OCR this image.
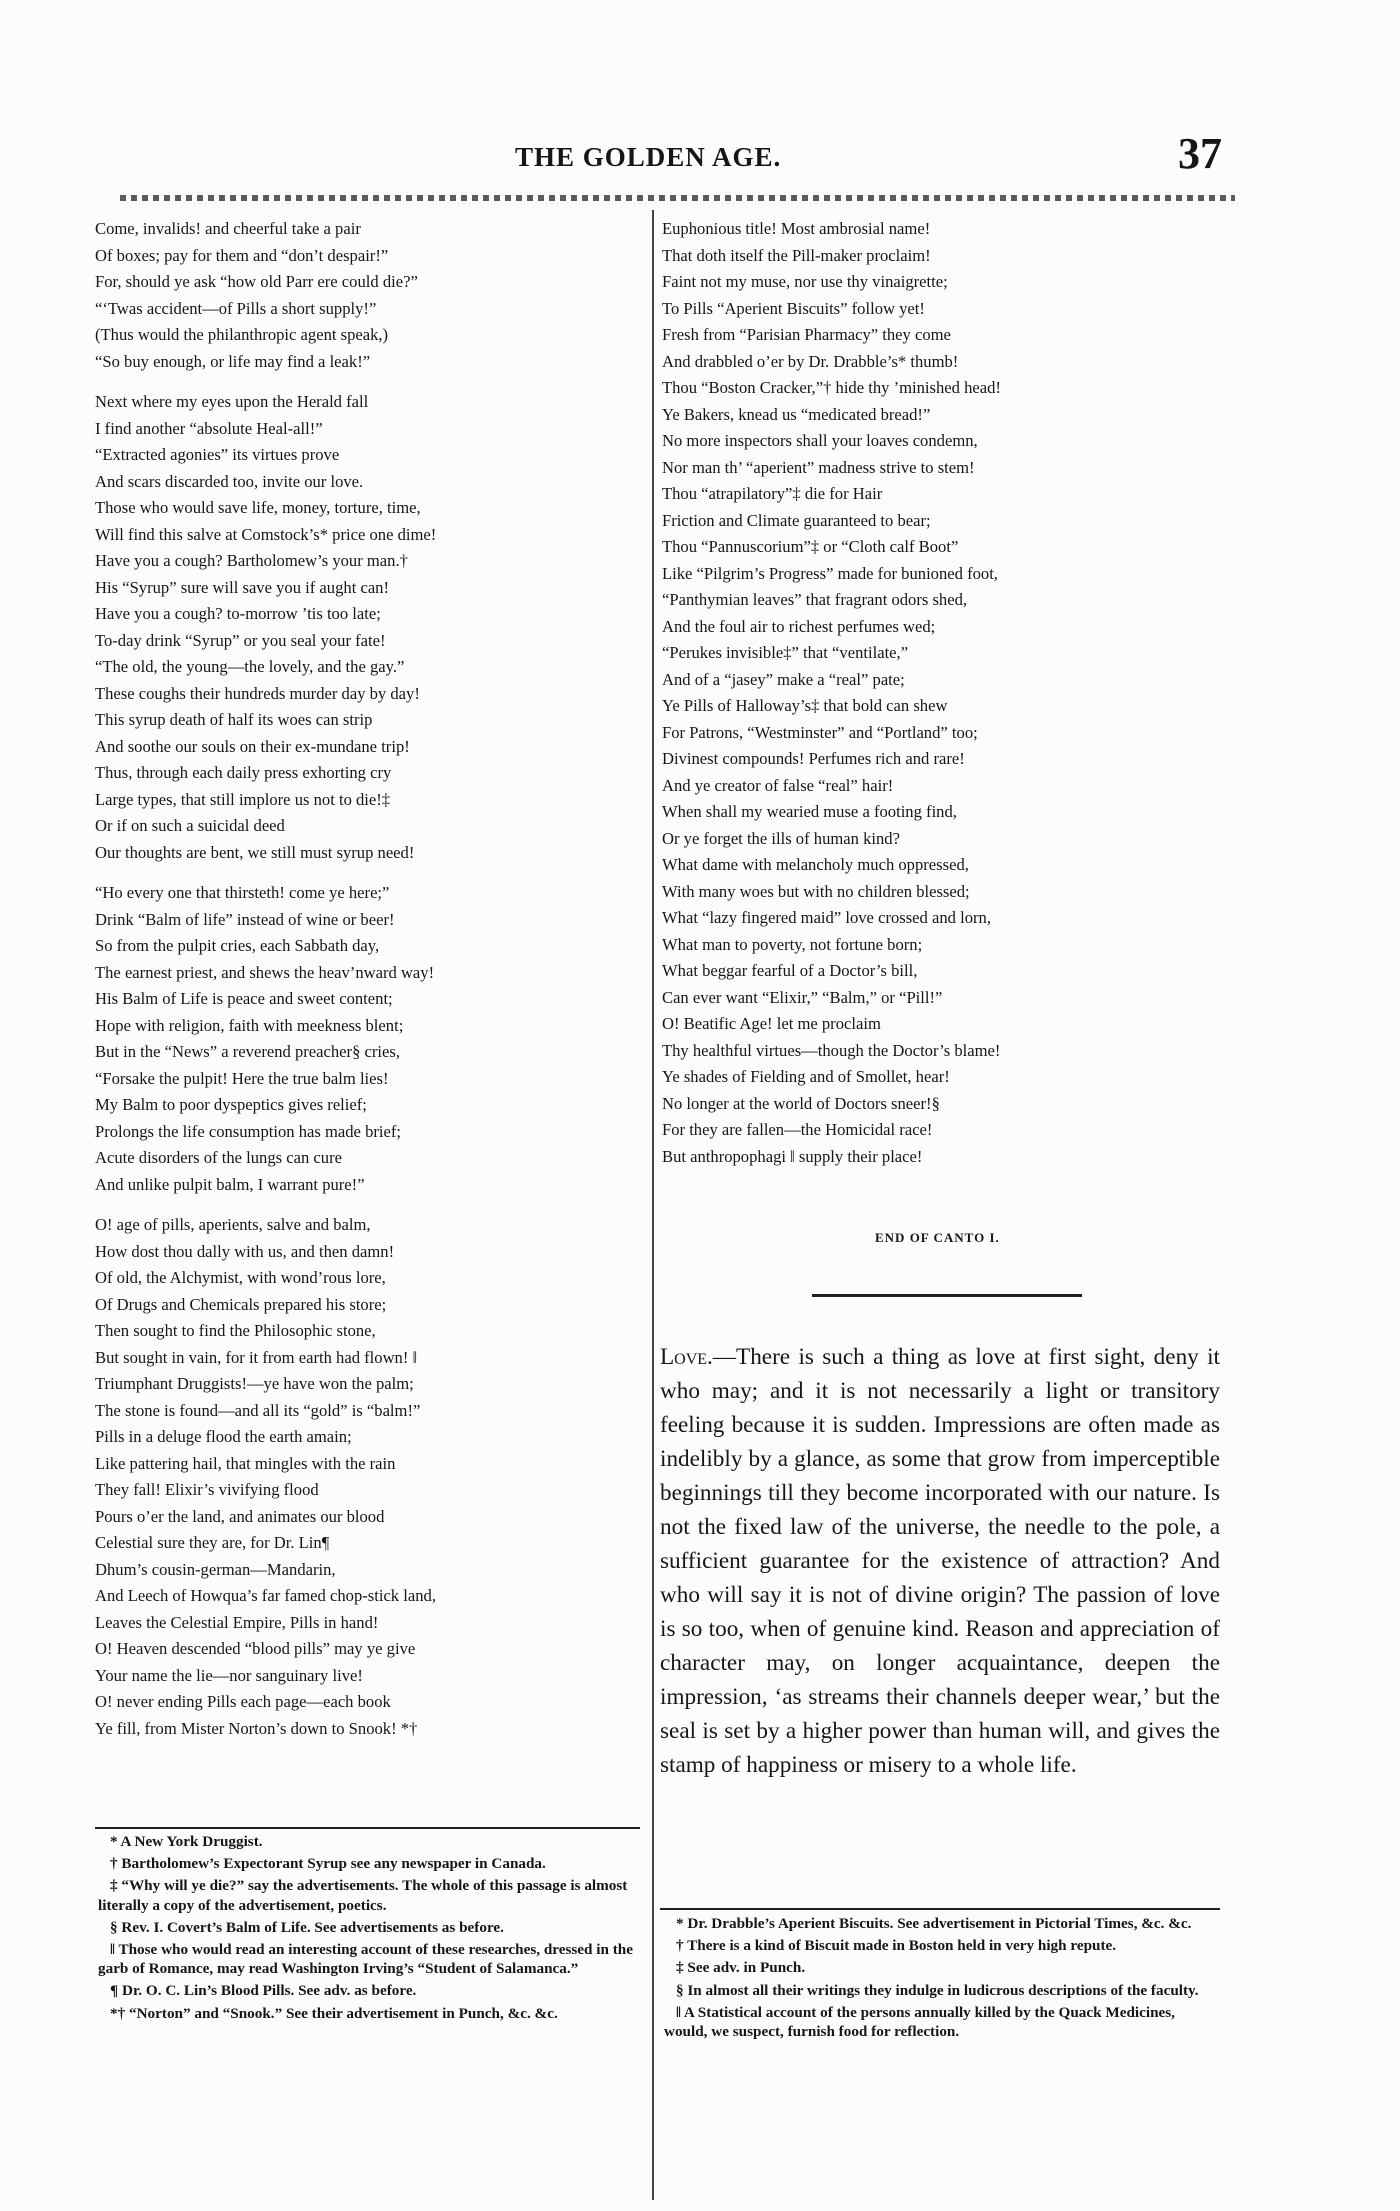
THE GOLDEN AGE.	37
Come, invalids! and cheerful take a pair
Of boxes; pay for them and “don’t despair!”
For, should ye ask “how old Parr ere could die?”
“‘Twas accident—of Pills a short supply!”
(Thus would the philanthropic agent speak,)
“So buy enough, or life may find a leak!”
Next where my eyes upon the Herald fall
I find another “absolute Heal-all!”
“Extracted agonies” its virtues prove
And scars discarded too, invite our love.
Those who would save life, money, torture, time,
Will find this salve at Comstock’s* price one dime!
Have you a cough? Bartholomew’s your man.†
His “Syrup” sure will save you if aught can!
Have you a cough? to-morrow ’tis too late;
To-day drink “Syrup” or you seal your fate!
“The old, the young—the lovely, and the gay.”
These coughs their hundreds murder day by day!
This syrup death of half its woes can strip
And soothe our souls on their ex-mundane trip!
Thus, through each daily press exhorting cry
Large types, that still implore us not to die!‡
Or if on such a suicidal deed
Our thoughts are bent, we still must syrup need!
“Ho every one that thirsteth! come ye here;”
Drink “Balm of life” instead of wine or beer!
So from the pulpit cries, each Sabbath day,
The earnest priest, and shews the heav’nward way!
His Balm of Life is peace and sweet content;
Hope with religion, faith with meekness blent;
But in the “News” a reverend preacher§ cries,
“Forsake the pulpit! Here the true balm lies!
My Balm to poor dyspeptics gives relief;
Prolongs the life consumption has made brief;
Acute disorders of the lungs can cure
And unlike pulpit balm, I warrant pure!”
O! age of pills, aperients, salve and balm,
How dost thou dally with us, and then damn!
Of old, the Alchymist, with wond’rous lore,
Of Drugs and Chemicals prepared his store;
Then sought to find the Philosophic stone,
But sought in vain, for it from earth had flown! ‖
Triumphant Druggists!—ye have won the palm;
The stone is found—and all its “gold” is “balm!”
Pills in a deluge flood the earth amain;
Like pattering hail, that mingles with the rain
They fall! Elixir’s vivifying flood
Pours o’er the land, and animates our blood
Celestial sure they are, for Dr. Lin¶
Dhum’s cousin-german—Mandarin,
And Leech of Howqua’s far famed chop-stick land,
Leaves the Celestial Empire, Pills in hand!
O! Heaven descended “blood pills” may ye give
Your name the lie—nor sanguinary live!
O! never ending Pills each page—each book
Ye fill, from Mister Norton’s down to Snook! *†
Euphonious title! Most ambrosial name!
That doth itself the Pill-maker proclaim!
Faint not my muse, nor use thy vinaigrette;
To Pills “Aperient Biscuits” follow yet!
Fresh from “Parisian Pharmacy” they come
And drabbled o’er by Dr. Drabble’s* thumb!
Thou “Boston Cracker,”† hide thy ’minished head!
Ye Bakers, knead us “medicated bread!”
No more inspectors shall your loaves condemn,
Nor man th’ “aperient” madness strive to stem!
Thou “atrapilatory”‡ die for Hair
Friction and Climate guaranteed to bear;
Thou “Pannuscorium”‡ or “Cloth calf Boot”
Like “Pilgrim’s Progress” made for bunioned foot,
“Panthymian leaves” that fragrant odors shed,
And the foul air to richest perfumes wed;
“Perukes invisible‡” that “ventilate,”
And of a “jasey” make a “real” pate;
Ye Pills of Halloway’s‡ that bold can shew
For Patrons, “Westminster” and “Portland” too;
Divinest compounds! Perfumes rich and rare!
And ye creator of false “real” hair!
When shall my wearied muse a footing find,
Or ye forget the ills of human kind?
What dame with melancholy much oppressed,
With many woes but with no children blessed;
What “lazy fingered maid” love crossed and lorn,
What man to poverty, not fortune born;
What beggar fearful of a Doctor’s bill,
Can ever want “Elixir,” “Balm,” or “Pill!”
O! Beatific Age! let me proclaim
Thy healthful virtues—though the Doctor’s blame!
Ye shades of Fielding and of Smollet, hear!
No longer at the world of Doctors sneer!§
For they are fallen—the Homicidal race!
But anthropophagi ‖ supply their place!
END OF CANTO I.
Love.—There is such a thing as love at first sight, deny it who may; and it is not necessarily a light or transitory feeling because it is sudden. Impressions are often made as indelibly by a glance, as some that grow from imperceptible beginnings till they become incorporated with our nature. Is not the fixed law of the universe, the needle to the pole, a sufficient guarantee for the existence of attraction? And who will say it is not of divine origin? The passion of love is so too, when of genuine kind. Reason and appreciation of character may, on longer acquaintance, deepen the impression, ‘as streams their channels deeper wear,’ but the seal is set by a higher power than human will, and gives the stamp of happiness or misery to a whole life.
* A New York Druggist.
† Bartholomew’s Expectorant Syrup see any newspaper in Canada.
‡ “Why will ye die?” say the advertisements. The whole of this passage is almost literally a copy of the advertisement, poetics.
§ Rev. I. Covert’s Balm of Life. See advertisements as before.
‖ Those who would read an interesting account of these researches, dressed in the garb of Romance, may read Washington Irving’s “Student of Salamanca.”
¶ Dr. O. C. Lin’s Blood Pills. See adv. as before.
*† “Norton” and “Snook.” See their advertisement in Punch, &c. &c.
* Dr. Drabble’s Aperient Biscuits. See advertisement in Pictorial Times, &c. &c.
† There is a kind of Biscuit made in Boston held in very high repute.
‡ See adv. in Punch.
§ In almost all their writings they indulge in ludicrous descriptions of the faculty.
‖ A Statistical account of the persons annually killed by the Quack Medicines, would, we suspect, furnish food for reflection.
